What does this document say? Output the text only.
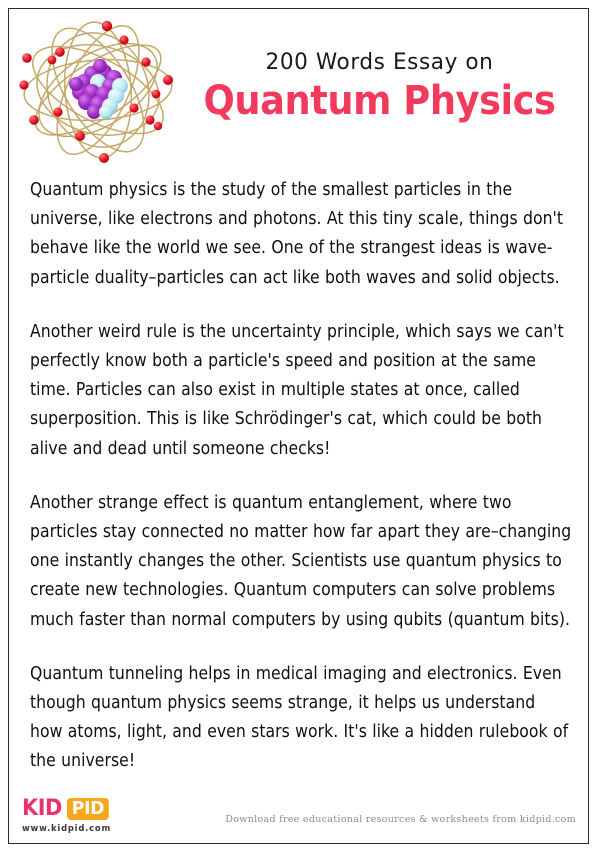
200 Words Essay on
Quantum Physics

Quantum physics is the study of the smallest particles in the universe, like electrons and photons. At this tiny scale, things don't behave like the world we see. One of the strangest ideas is wave-particle duality–particles can act like both waves and solid objects.

Another weird rule is the uncertainty principle, which says we can't perfectly know both a particle's speed and position at the same time. Particles can also exist in multiple states at once, called superposition. This is like Schrödinger's cat, which could be both alive and dead until someone checks!

Another strange effect is quantum entanglement, where two particles stay connected no matter how far apart they are–changing one instantly changes the other. Scientists use quantum physics to create new technologies. Quantum computers can solve problems much faster than normal computers by using qubits (quantum bits).

Quantum tunneling helps in medical imaging and electronics. Even though quantum physics seems strange, it helps us understand how atoms, light, and even stars work. It's like a hidden rulebook of the universe!

KID PID
www.kidpid.com
Download free educational resources & worksheets from kidpid.com
